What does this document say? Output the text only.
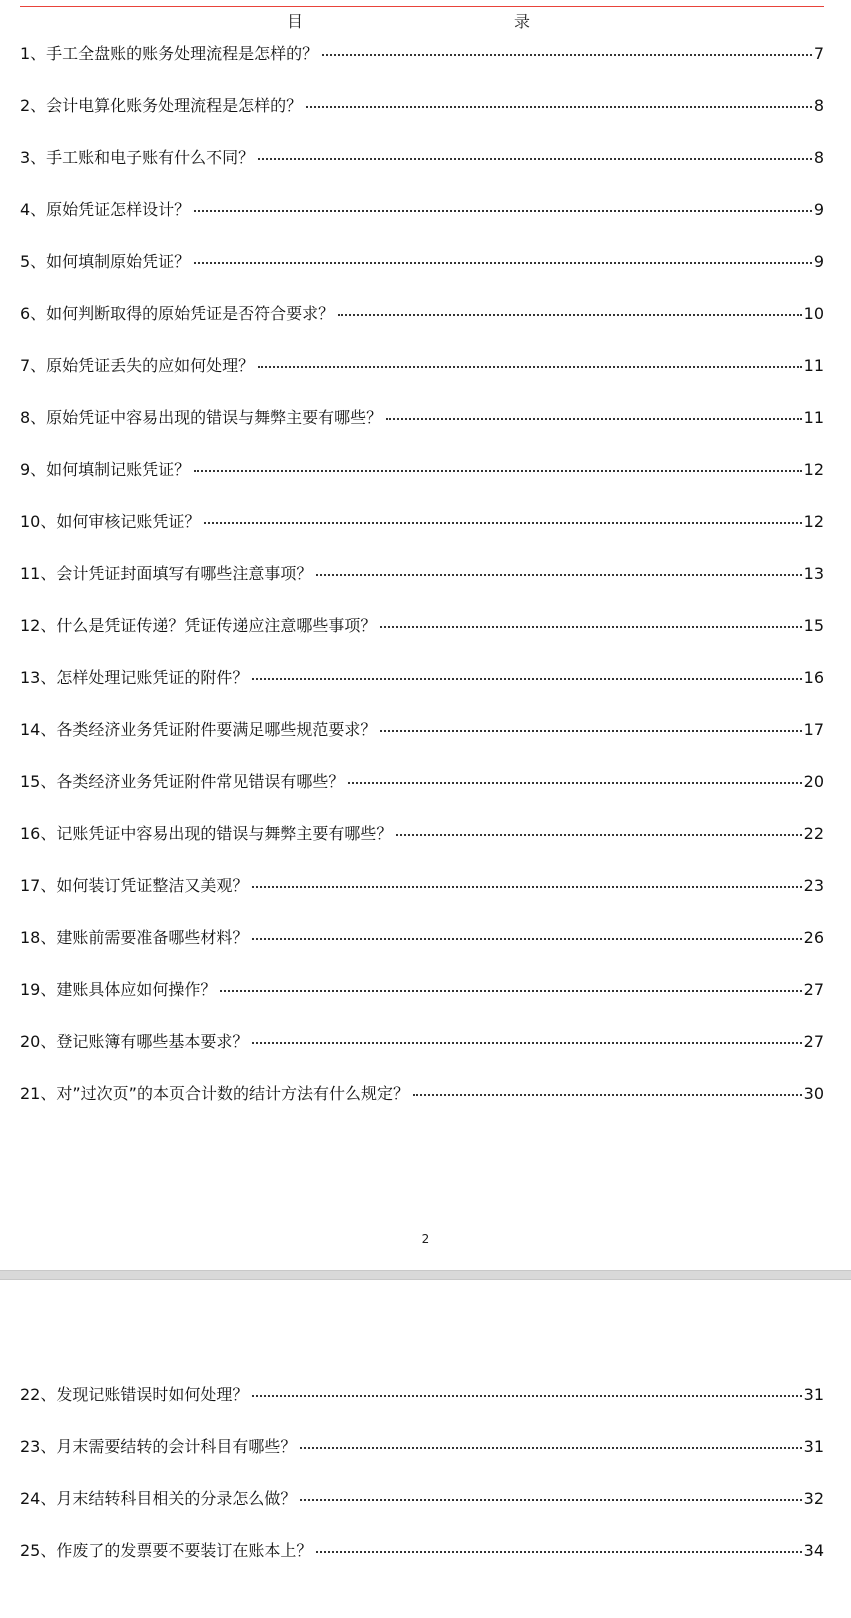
目	录
1、手工全盘账的账务处理流程是怎样的？	7
2、会计电算化账务处理流程是怎样的？	8
3、手工账和电子账有什么不同？	8
4、原始凭证怎样设计？	9
5、如何填制原始凭证？	9
6、如何判断取得的原始凭证是否符合要求？	10
7、原始凭证丢失的应如何处理？	11
8、原始凭证中容易出现的错误与舞弊主要有哪些？	11
9、如何填制记账凭证？	12
10、如何审核记账凭证？	12
11、会计凭证封面填写有哪些注意事项？	13
12、什么是凭证传递？凭证传递应注意哪些事项？	15
13、怎样处理记账凭证的附件？	16
14、各类经济业务凭证附件要满足哪些规范要求？	17
15、各类经济业务凭证附件常见错误有哪些？	20
16、记账凭证中容易出现的错误与舞弊主要有哪些？	22
17、如何装订凭证整洁又美观？	23
18、建账前需要准备哪些材料？	26
19、建账具体应如何操作？	27
20、登记账簿有哪些基本要求？	27
21、对”过次页”的本页合计数的结计方法有什么规定？	30
2
22、发现记账错误时如何处理？	31
23、月末需要结转的会计科目有哪些？	31
24、月末结转科目相关的分录怎么做？	32
25、作废了的发票要不要装订在账本上？	34
